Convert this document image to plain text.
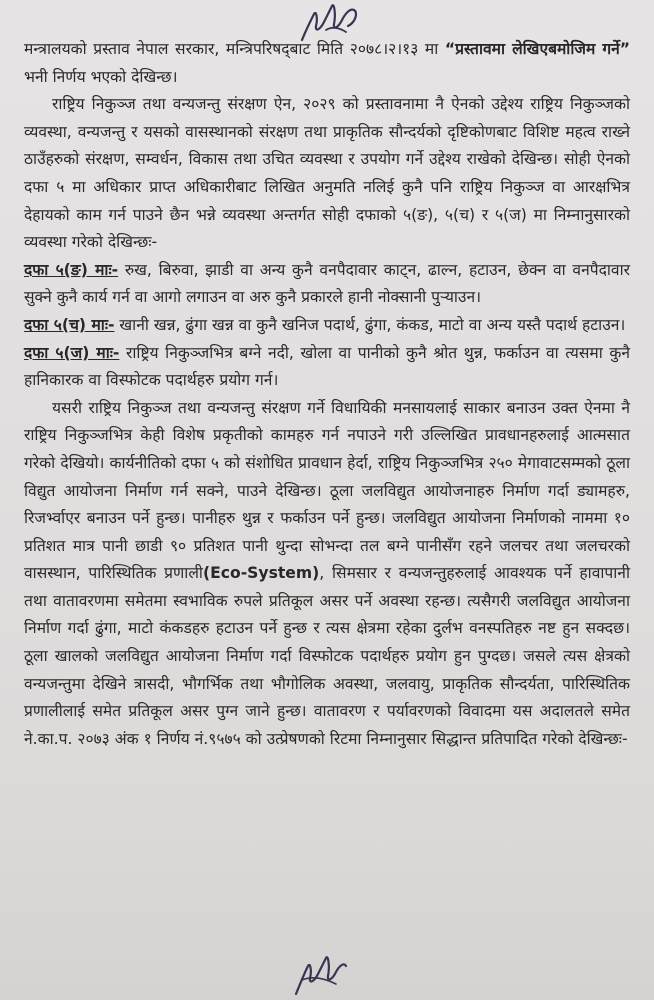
मन्त्रालयको प्रस्ताव नेपाल सरकार, मन्त्रिपरिषद्‌बाट मिति २०७८।२।१३ मा “प्रस्तावमा लेखिएबमोजिम गर्ने” भनी निर्णय भएको देखिन्छ।

राष्ट्रिय निकुञ्ज तथा वन्यजन्तु संरक्षण ऐन, २०२९ को प्रस्तावनामा नै ऐनको उद्देश्य राष्ट्रिय निकुञ्जको व्यवस्था, वन्यजन्तु र यसको वासस्थानको संरक्षण तथा प्राकृतिक सौन्दर्यको दृष्टिकोणबाट विशिष्ट महत्व राख्ने ठाउँहरुको संरक्षण, सम्वर्धन, विकास तथा उचित व्यवस्था र उपयोग गर्ने उद्देश्य राखेको देखिन्छ। सोही ऐनको दफा ५ मा अधिकार प्राप्त अधिकारीबाट लिखित अनुमति नलिई कुनै पनि राष्ट्रिय निकुञ्ज वा आरक्षभित्र देहायको काम गर्न पाउने छैन भन्ने व्यवस्था अन्तर्गत सोही दफाको ५(ङ), ५(च) र ५(ज) मा निम्नानुसारको व्यवस्था गरेको देखिन्छः-

दफा ५(ङ) माः- रुख, बिरुवा, झाडी वा अन्य कुनै वनपैदावार काट्न, ढाल्न, हटाउन, छेक्न वा वनपैदावार सुक्ने कुनै कार्य गर्न वा आगो लगाउन वा अरु कुनै प्रकारले हानी नोक्सानी पुर्‍याउन।

दफा ५(च) माः- खानी खन्न, ढुंगा खन्न वा कुनै खनिज पदार्थ, ढुंगा, कंकड, माटो वा अन्य यस्तै पदार्थ हटाउन।

दफा ५(ज) माः- राष्ट्रिय निकुञ्जभित्र बग्ने नदी, खोला वा पानीको कुनै श्रोत थुन्न, फर्काउन वा त्यसमा कुनै हानिकारक वा विस्फोटक पदार्थहरु प्रयोग गर्न।

यसरी राष्ट्रिय निकुञ्ज तथा वन्यजन्तु संरक्षण गर्ने विधायिकी मनसायलाई साकार बनाउन उक्त ऐनमा नै राष्ट्रिय निकुञ्जभित्र केही विशेष प्रकृतीको कामहरु गर्न नपाउने गरी उल्लिखित प्रावधानहरुलाई आत्मसात गरेको देखियो। कार्यनीतिको दफा ५ को संशोधित प्रावधान हेर्दा, राष्ट्रिय निकुञ्जभित्र २५० मेगावाटसम्मको ठूला विद्युत आयोजना निर्माण गर्न सक्ने, पाउने देखिन्छ। ठूला जलविद्युत आयोजनाहरु निर्माण गर्दा ड्यामहरु, रिजर्भ्वाएर बनाउन पर्ने हुन्छ। पानीहरु थुन्न र फर्काउन पर्ने हुन्छ। जलविद्युत आयोजना निर्माणको नाममा १० प्रतिशत मात्र पानी छाडी ९० प्रतिशत पानी थुन्दा सोभन्दा तल बग्ने पानीसँग रहने जलचर तथा जलचरको वासस्थान, पारिस्थितिक प्रणाली(Eco-System), सिमसार र वन्यजन्तुहरुलाई आवश्यक पर्ने हावापानी तथा वातावरणमा समेतमा स्वभाविक रुपले प्रतिकूल असर पर्ने अवस्था रहन्छ। त्यसैगरी जलविद्युत आयोजना निर्माण गर्दा ढुंगा, माटो कंकडहरु हटाउन पर्ने हुन्छ र त्यस क्षेत्रमा रहेका दुर्लभ वनस्पतिहरु नष्ट हुन सक्दछ। ठूला खालको जलविद्युत आयोजना निर्माण गर्दा विस्फोटक पदार्थहरु प्रयोग हुन पुग्दछ। जसले त्यस क्षेत्रको वन्यजन्तुमा देखिने त्रासदी, भौगर्भिक तथा भौगोलिक अवस्था, जलवायु, प्राकृतिक सौन्दर्यता, पारिस्थितिक प्रणालीलाई समेत प्रतिकूल असर पुग्न जाने हुन्छ। वातावरण र पर्यावरणको विवादमा यस अदालतले समेत ने.का.प. २०७३ अंक १ निर्णय नं.९५७५ को उत्प्रेषणको रिटमा निम्नानुसार सिद्धान्त प्रतिपादित गरेको देखिन्छः-
